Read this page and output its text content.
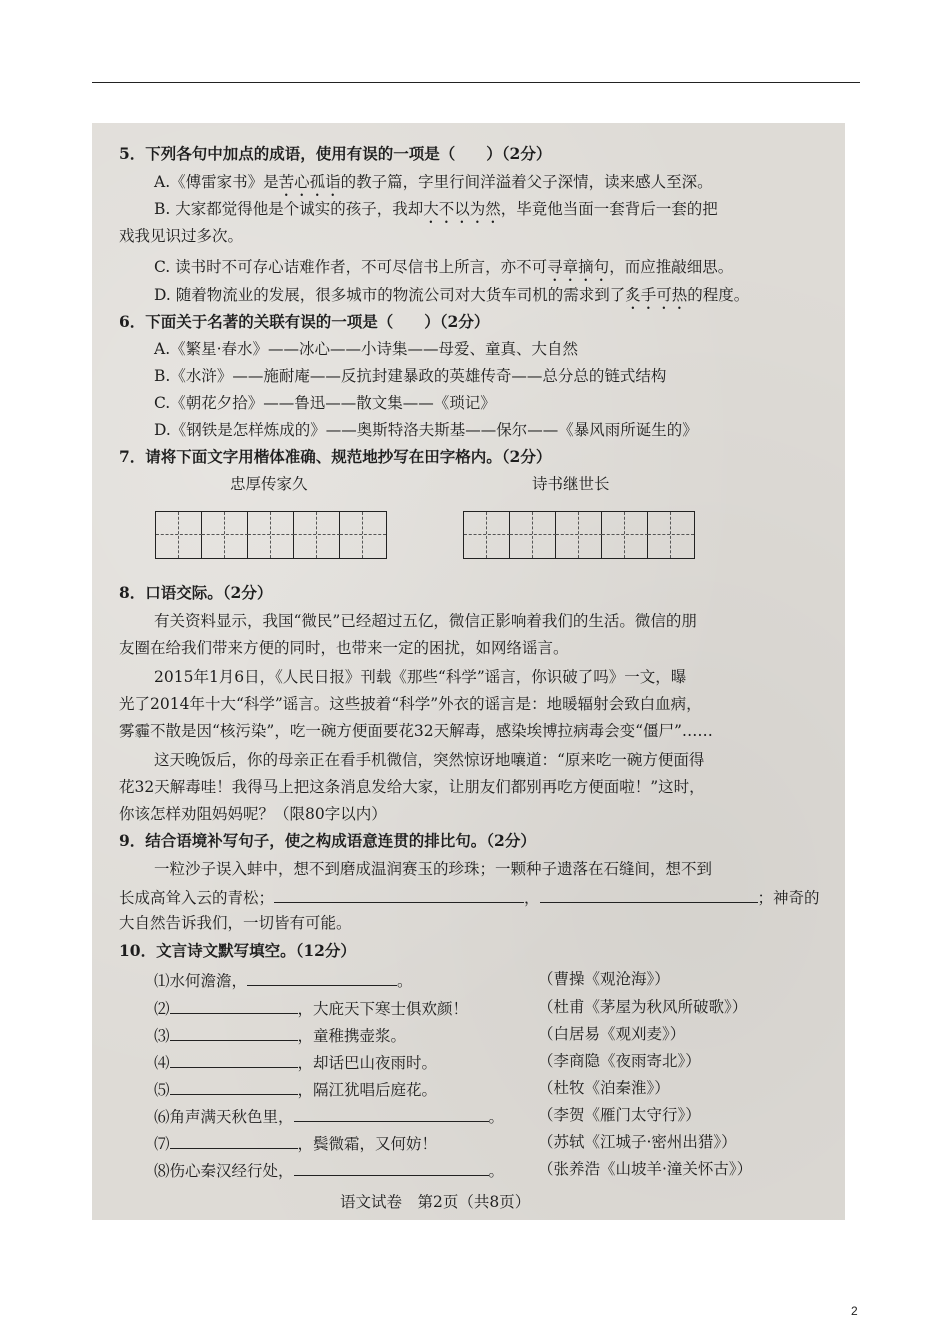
5．下列各句中加点的成语，使用有误的一项是（　　）（2分）
A.《傅雷家书》是苦心孤诣的教子篇，字里行间洋溢着父子深情，读来感人至深。
B. 大家都觉得他是个诚实的孩子，我却大不以为然，毕竟他当面一套背后一套的把
戏我见识过多次。
C. 读书时不可存心诘难作者，不可尽信书上所言，亦不可寻章摘句，而应推敲细思。
D. 随着物流业的发展，很多城市的物流公司对大货车司机的需求到了炙手可热的程度。
6．下面关于名著的关联有误的一项是（　　）（2分）
A.《繁星·春水》——冰心——小诗集——母爱、童真、大自然
B.《水浒》——施耐庵——反抗封建暴政的英雄传奇——总分总的链式结构
C.《朝花夕拾》——鲁迅——散文集——《琐记》
D.《钢铁是怎样炼成的》——奥斯特洛夫斯基——保尔——《暴风雨所诞生的》
7．请将下面文字用楷体准确、规范地抄写在田字格内。（2分）
忠厚传家久	诗书继世长
8．口语交际。（2分）
有关资料显示，我国“微民”已经超过五亿，微信正影响着我们的生活。微信的朋
友圈在给我们带来方便的同时，也带来一定的困扰，如网络谣言。
2015年1月6日，《人民日报》刊载《那些“科学”谣言，你识破了吗》一文，曝
光了2014年十大“科学”谣言。这些披着“科学”外衣的谣言是：地暖辐射会致白血病，
雾霾不散是因“核污染”，吃一碗方便面要花32天解毒，感染埃博拉病毒会变“僵尸”……
这天晚饭后，你的母亲正在看手机微信，突然惊讶地嚷道：“原来吃一碗方便面得
花32天解毒哇！我得马上把这条消息发给大家，让朋友们都别再吃方便面啦！”这时，
你该怎样劝阻妈妈呢？（限80字以内）
9．结合语境补写句子，使之构成语意连贯的排比句。（2分）
一粒沙子误入蚌中，想不到磨成温润赛玉的珍珠；一颗种子遗落在石缝间，想不到
长成高耸入云的青松；	，	；神奇的
大自然告诉我们，一切皆有可能。
10．文言诗文默写填空。（12分）
⑴水何澹澹，	。	（曹操《观沧海》）
⑵	，大庇天下寒士俱欢颜！	（杜甫《茅屋为秋风所破歌》）
⑶	，童稚携壶浆。	（白居易《观刈麦》）
⑷	，却话巴山夜雨时。	（李商隐《夜雨寄北》）
⑸	，隔江犹唱后庭花。	（杜牧《泊秦淮》）
⑹角声满天秋色里，	。 （李贺《雁门太守行》）
⑺	，鬓微霜，又何妨！	（苏轼《江城子·密州出猎》）
⑻伤心秦汉经行处，	。 （张养浩《山坡羊·潼关怀古》）
语文试卷　第2页（共8页）
2
